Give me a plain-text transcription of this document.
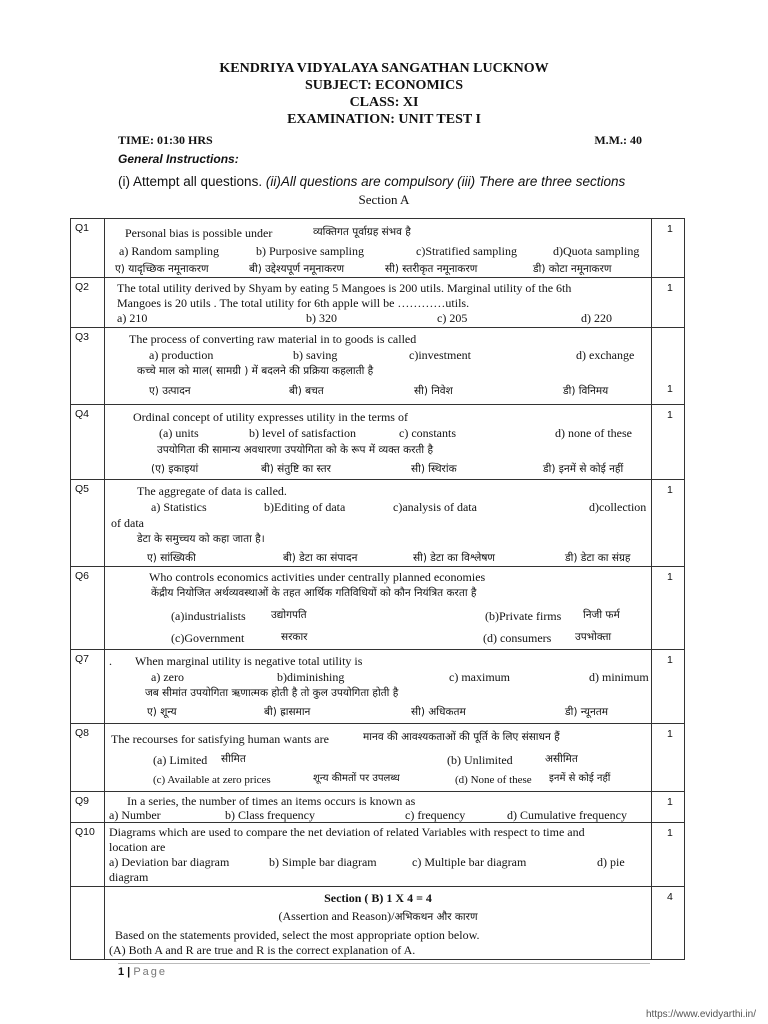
KENDRIYA VIDYALAYA SANGATHAN LUCKNOW
SUBJECT: ECONOMICS
CLASS: XI
EXAMINATION: UNIT TEST I
TIME: 01:30 HRS	M.M.: 40
General Instructions:
(i) Attempt all questions. (ii)All questions are compulsory (iii) There are three sections
Section A
Q1	1
Personal bias is possible under	व्यक्तिगत पूर्वाग्रह संभव है
a) Random sampling	b) Purposive sampling	c)Stratified sampling	d)Quota sampling
ए) यादृच्छिक नमूनाकरण	बी) उद्देश्यपूर्ण नमूनाकरण	सी) स्तरीकृत नमूनाकरण	डी) कोटा नमूनाकरण
Q2	1
The total utility derived by Shyam by eating 5 Mangoes is 200 utils. Marginal utility of the 6th
Mangoes is 20 utils . The total utility for 6th apple will be …………utils.
a) 210	b) 320	c) 205	d) 220
Q3
1
The process of converting raw material in to goods is called
a) production	b) saving	c)investment	d) exchange
कच्चे माल को माल( सामग्री ) में बदलने की प्रक्रिया कहलाती है
ए) उत्पादन	बी) बचत	सी) निवेश	डी) विनिमय
Q4	1
Ordinal concept of utility expresses utility in the terms of
(a) units	b) level of satisfaction	c) constants	d) none of these
उपयोगिता की सामान्य अवधारणा उपयोगिता को के रूप में व्यक्त करती है
(ए) इकाइयां	बी) संतुष्टि का स्तर	सी) स्थिरांक	डी) इनमें से कोई नहीं
Q5	1
The aggregate of data is called.
a) Statistics	b)Editing of data	c)analysis of data	d)collection
of data
डेटा के समुच्चय को कहा जाता है।
ए) सांख्यिकी	बी) डेटा का संपादन	सी) डेटा का विश्लेषण	डी) डेटा का संग्रह
Q6	1
Who controls economics activities under centrally planned economies
केंद्रीय नियोजित अर्थव्यवस्थाओं के तहत आर्थिक गतिविधियों को कौन नियंत्रित करता है
(a)industrialists उद्योगपति	(b)Private firms निजी फर्म
(c)Government	सरकार	(d) consumers उपभोक्ता
Q7	1
. When marginal utility is negative total utility is
a) zero	b)diminishing	c) maximum	d) minimum
जब सीमांत उपयोगिता ऋणात्मक होती है तो कुल उपयोगिता होती है
ए) शून्य	बी) ह्रासमान	सी) अधिकतम	डी) न्यूनतम
Q8	1
The recourses for satisfying human wants are	मानव की आवश्यकताओं की पूर्ति के लिए संसाधन हैं
(a) Limited सीमित	(b) Unlimited	असीमित
(c) Available at zero prices	शून्य कीमतों पर उपलब्ध	(d) None of these इनमें से कोई नहीं
Q9	1
In a series, the number of times an items occurs is known as
a) Number	b) Class frequency	c) frequency	d) Cumulative frequency
Q10	1
Diagrams which are used to compare the net deviation of related Variables with respect to time and
location are
a) Deviation bar diagram	b) Simple bar diagram	c) Multiple bar diagram	d) pie
diagram
4
Section ( B) 1 X 4 = 4
(Assertion and Reason)/अभिकथन और कारण
Based on the statements provided, select the most appropriate option below.
(A) Both A and R are true and R is the correct explanation of A.
1 | Page
https://www.evidyarthi.in/
